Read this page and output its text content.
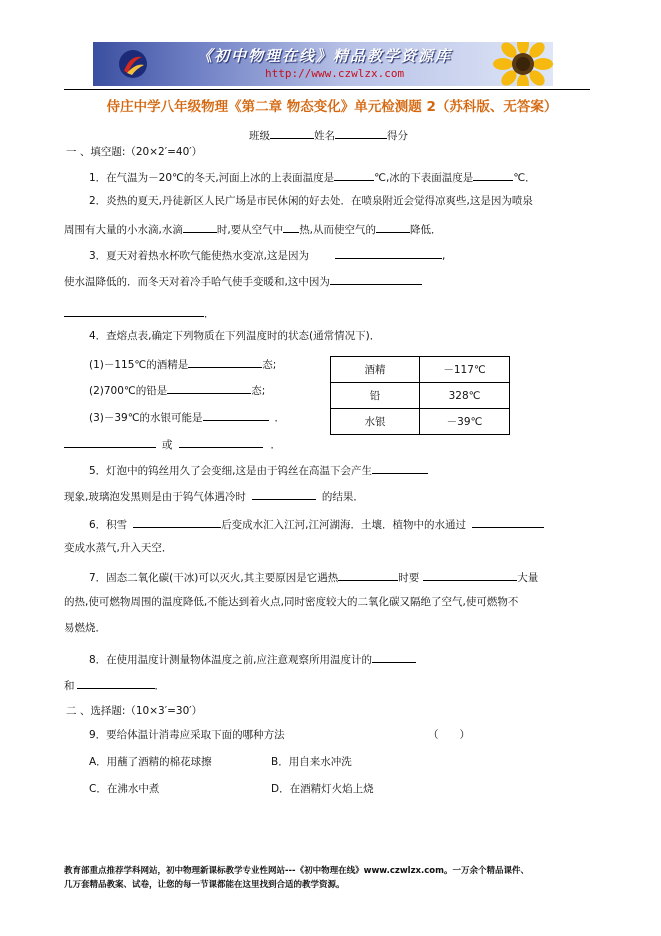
《初中物理在线》精品教学资源库
http://www.czwlzx.com
侍庄中学八年级物理《第二章 物态变化》单元检测题 2（苏科版、无答案）
班级	姓名	得分
一 、填空题:（20×2′=40′）
1．在气温为－20℃的冬天,河面上冰的上表面温度是	℃,冰的下表面温度是	℃．
2．炎热的夏天,丹徒新区人民广场是市民休闲的好去处．在喷泉附近会觉得凉爽些,这是因为喷泉
周围有大量的小水滴,水滴	时,要从空气中 热,从而使空气的	降低．
3．夏天对着热水杯吹气能使热水变凉,这是因为	,
使水温降低的．而冬天对着冷手哈气使手变暖和,这中因为
．
4．查熔点表,确定下列物质在下列温度时的状态(通常情况下)．
(1)－115℃的酒精是	态;
(2)700℃的铅是	态;
(3)－39℃的水银可能是	．
或	．
酒精	－117℃
铅	328℃
水银	－39℃
5．灯泡中的钨丝用久了会变细,这是由于钨丝在高温下会产生
现象,玻璃泡发黑则是由于钨气体遇冷时	的结果．
6．积雪	后变成水汇入江河,江河湖海．土壤．植物中的水通过
变成水蒸气,升入天空．
7．固态二氧化碳(干冰)可以灭火,其主要原因是它遇热	时要	大量
的热,使可燃物周围的温度降低,不能达到着火点,同时密度较大的二氧化碳又隔绝了空气,使可燃物不
易燃烧．
8．在使用温度计测量物体温度之前,应注意观察所用温度计的
和	．
二 、选择题:（10×3′=30′）
9．要给体温计消毒应采取下面的哪种方法	（　　）
A．用蘸了酒精的棉花球擦	B．用自来水冲洗
C．在沸水中煮	D．在酒精灯火焰上烧
教育部重点推荐学科网站，初中物理新课标教学专业性网站---《初中物理在线》www.czwlzx.com。一万余个精品课件、
几万套精品教案、试卷，让您的每一节课都能在这里找到合适的教学资源。
